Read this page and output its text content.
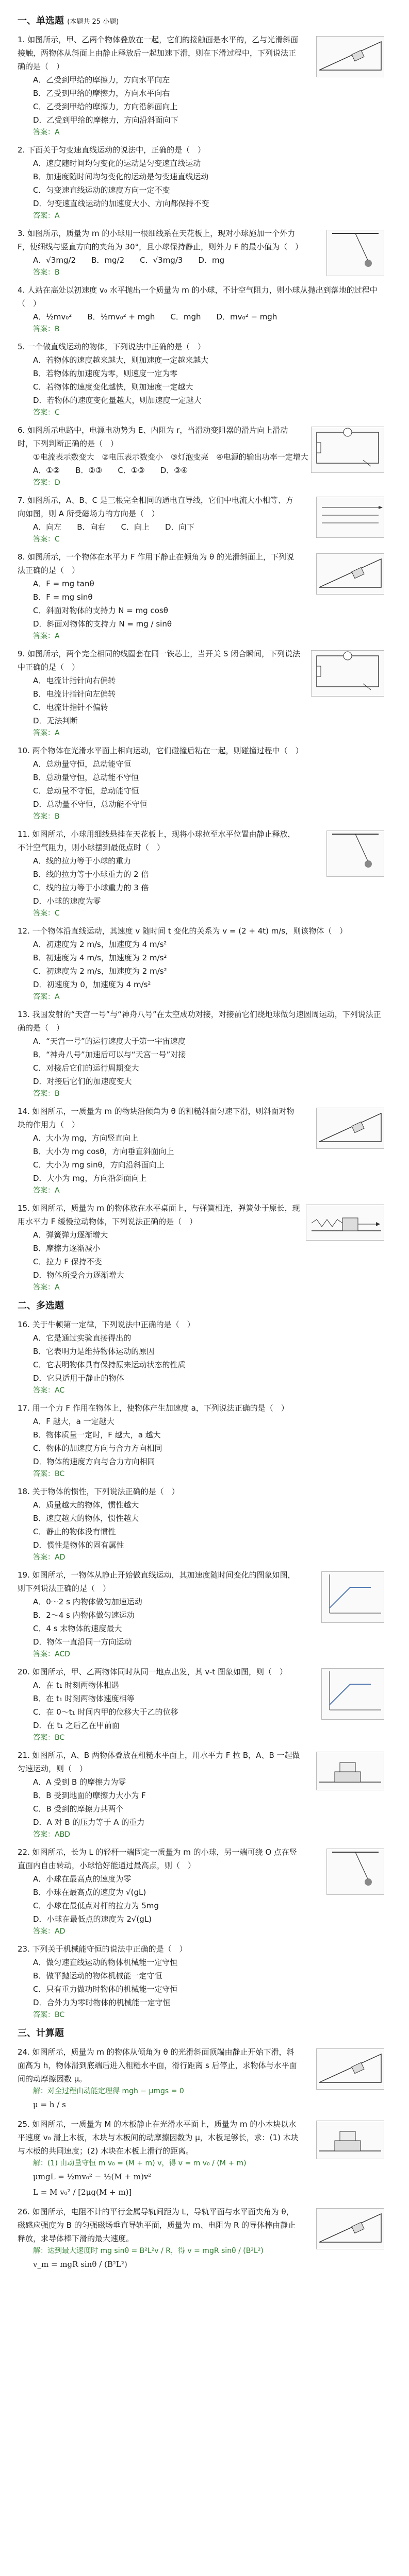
一、单选题 (本题共 25 小题)
1. 如图所示，甲、乙两个物体叠放在一起，它们的接触面是水平的，乙与光滑斜面接触，两物体从斜面上由静止释放后一起加速下滑，则在下滑过程中，下列说法正确的是（　）
A．乙受到甲给的摩擦力，方向水平向左
B．乙受到甲给的摩擦力，方向水平向右
C．乙受到甲给的摩擦力，方向沿斜面向上
D．乙受到甲给的摩擦力，方向沿斜面向下
答案：A
2. 下面关于匀变速直线运动的说法中，正确的是（　）
A．速度随时间均匀变化的运动是匀变速直线运动
B．加速度随时间均匀变化的运动是匀变速直线运动
C．匀变速直线运动的速度方向一定不变
D．匀变速直线运动的加速度大小、方向都保持不变
答案：A
3. 如图所示，质量为 m 的小球用一根细线系在天花板上，现对小球施加一个外力 F，使细线与竖直方向的夹角为 30°，且小球保持静止，则外力 F 的最小值为（　）
A．√3mg/2　　B．mg/2　　C．√3mg/3　　D．mg
答案：B
4. 人站在高处以初速度 v₀ 水平抛出一个质量为 m 的小球，不计空气阻力，则小球从抛出到落地的过程中（　）
A．½mv₀²　　B．½mv₀² + mgh　　C．mgh　　D．mv₀² − mgh
答案：B
5. 一个做直线运动的物体，下列说法中正确的是（　）
A．若物体的速度越来越大，则加速度一定越来越大
B．若物体的加速度为零，则速度一定为零
C．若物体的速度变化越快，则加速度一定越大
D．若物体的速度变化量越大，则加速度一定越大
答案：C
6. 如图所示电路中，电源电动势为 E、内阻为 r，当滑动变阻器的滑片向上滑动时，下列判断正确的是（　）
①电流表示数变大　②电压表示数变小　③灯泡变亮　④电源的输出功率一定增大
A．①②　　B．②③　　C．①③　　D．③④
答案：D
7. 如图所示，A、B、C 是三根完全相同的通电直导线，它们中电流大小相等、方向如图，则 A 所受磁场力的方向是（　）
A．向左　　B．向右　　C．向上　　D．向下
答案：C
8. 如图所示，一个物体在水平力 F 作用下静止在倾角为 θ 的光滑斜面上，下列说法正确的是（　）
A．F = mg tanθ
B．F = mg sinθ
C．斜面对物体的支持力 N = mg cosθ
D．斜面对物体的支持力 N = mg / sinθ
答案：A
9. 如图所示，两个完全相同的线圈套在同一铁芯上，当开关 S 闭合瞬间，下列说法中正确的是（　）
A．电流计指针向右偏转
B．电流计指针向左偏转
C．电流计指针不偏转
D．无法判断
答案：A
10. 两个物体在光滑水平面上相向运动，它们碰撞后粘在一起，则碰撞过程中（　）
A．总动量守恒，总动能守恒
B．总动量守恒，总动能不守恒
C．总动量不守恒，总动能守恒
D．总动量不守恒，总动能不守恒
答案：B
11. 如图所示，小球用细线悬挂在天花板上，现将小球拉至水平位置由静止释放，不计空气阻力，则小球摆到最低点时（　）
A．线的拉力等于小球的重力
B．线的拉力等于小球重力的 2 倍
C．线的拉力等于小球重力的 3 倍
D．小球的速度为零
答案：C
12. 一个物体沿直线运动，其速度 v 随时间 t 变化的关系为 v = (2 + 4t) m/s，则该物体（　）
A．初速度为 2 m/s，加速度为 4 m/s²
B．初速度为 4 m/s，加速度为 2 m/s²
C．初速度为 2 m/s，加速度为 2 m/s²
D．初速度为 0，加速度为 4 m/s²
答案：A
13. 我国发射的“天宫一号”与“神舟八号”在太空成功对接，对接前它们绕地球做匀速圆周运动，下列说法正确的是（　）
A．“天宫一号”的运行速度大于第一宇宙速度
B．“神舟八号”加速后可以与“天宫一号”对接
C．对接后它们的运行周期变大
D．对接后它们的加速度变大
答案：B
14. 如图所示，一质量为 m 的物块沿倾角为 θ 的粗糙斜面匀速下滑，则斜面对物块的作用力（　）
A．大小为 mg，方向竖直向上
B．大小为 mg cosθ，方向垂直斜面向上
C．大小为 mg sinθ，方向沿斜面向上
D．大小为 mg，方向沿斜面向上
答案：A
15. 如图所示，质量为 m 的物体放在水平桌面上，与弹簧相连，弹簧处于原长，现用水平力 F 缓慢拉动物体，下列说法正确的是（　）
A．弹簧弹力逐渐增大
B．摩擦力逐渐减小
C．拉力 F 保持不变
D．物体所受合力逐渐增大
答案：A
二、多选题
16. 关于牛顿第一定律，下列说法中正确的是（　）
A．它是通过实验直接得出的
B．它表明力是维持物体运动的原因
C．它表明物体具有保持原来运动状态的性质
D．它只适用于静止的物体
答案：AC
17. 用一个力 F 作用在物体上，使物体产生加速度 a，下列说法正确的是（　）
A．F 越大，a 一定越大
B．物体质量一定时，F 越大，a 越大
C．物体的加速度方向与合力方向相同
D．物体的速度方向与合力方向相同
答案：BC
18. 关于物体的惯性，下列说法正确的是（　）
A．质量越大的物体，惯性越大
B．速度越大的物体，惯性越大
C．静止的物体没有惯性
D．惯性是物体的固有属性
答案：AD
19. 如图所示，一物体从静止开始做直线运动，其加速度随时间变化的图象如图，则下列说法正确的是（　）
A．0～2 s 内物体做匀加速运动
B．2～4 s 内物体做匀速运动
C．4 s 末物体的速度最大
D．物体一直沿同一方向运动
答案：ACD
20. 如图所示，甲、乙两物体同时从同一地点出发，其 v-t 图象如图，则（　）
A．在 t₁ 时刻两物体相遇
B．在 t₁ 时刻两物体速度相等
C．在 0～t₁ 时间内甲的位移大于乙的位移
D．在 t₁ 之后乙在甲前面
答案：BC
21. 如图所示，A、B 两物体叠放在粗糙水平面上，用水平力 F 拉 B，A、B 一起做匀速运动，则（　）
A．A 受到 B 的摩擦力为零
B．B 受到地面的摩擦力大小为 F
C．B 受到的摩擦力共两个
D．A 对 B 的压力等于 A 的重力
答案：ABD
22. 如图所示，长为 L 的轻杆一端固定一质量为 m 的小球，另一端可绕 O 点在竖直面内自由转动，小球恰好能通过最高点，则（　）
A．小球在最高点的速度为零
B．小球在最高点的速度为 √(gL)
C．小球在最低点对杆的拉力为 5mg
D．小球在最低点的速度为 2√(gL)
答案：AD
23. 下列关于机械能守恒的说法中正确的是（　）
A．做匀速直线运动的物体机械能一定守恒
B．做平抛运动的物体机械能一定守恒
C．只有重力做功时物体的机械能一定守恒
D．合外力为零时物体的机械能一定守恒
答案：BC
三、计算题
24. 如图所示，质量为 m 的物体从倾角为 θ 的光滑斜面顶端由静止开始下滑，斜面高为 h，物体滑到底端后进入粗糙水平面，滑行距离 s 后停止，求物体与水平面间的动摩擦因数 μ。
解：对全过程由动能定理得 mgh − μmgs = 0
μ = h / s
25. 如图所示，一质量为 M 的木板静止在光滑水平面上，质量为 m 的小木块以水平速度 v₀ 滑上木板，木块与木板间的动摩擦因数为 μ，木板足够长，求：(1) 木块与木板的共同速度；(2) 木块在木板上滑行的距离。
解：(1) 由动量守恒 m v₀ = (M + m) v，得 v = m v₀ / (M + m)
μmgL = ½mv₀² − ½(M + m)v²
L = M v₀² / [2μg(M + m)]
26. 如图所示，电阻不计的平行金属导轨间距为 L，导轨平面与水平面夹角为 θ，磁感应强度为 B 的匀强磁场垂直导轨平面，质量为 m、电阻为 R 的导体棒由静止释放，求导体棒下滑的最大速度。
解：达到最大速度时 mg sinθ = B²L²v / R，得 v = mgR sinθ / (B²L²)
v_m = mgR sinθ / (B²L²)
